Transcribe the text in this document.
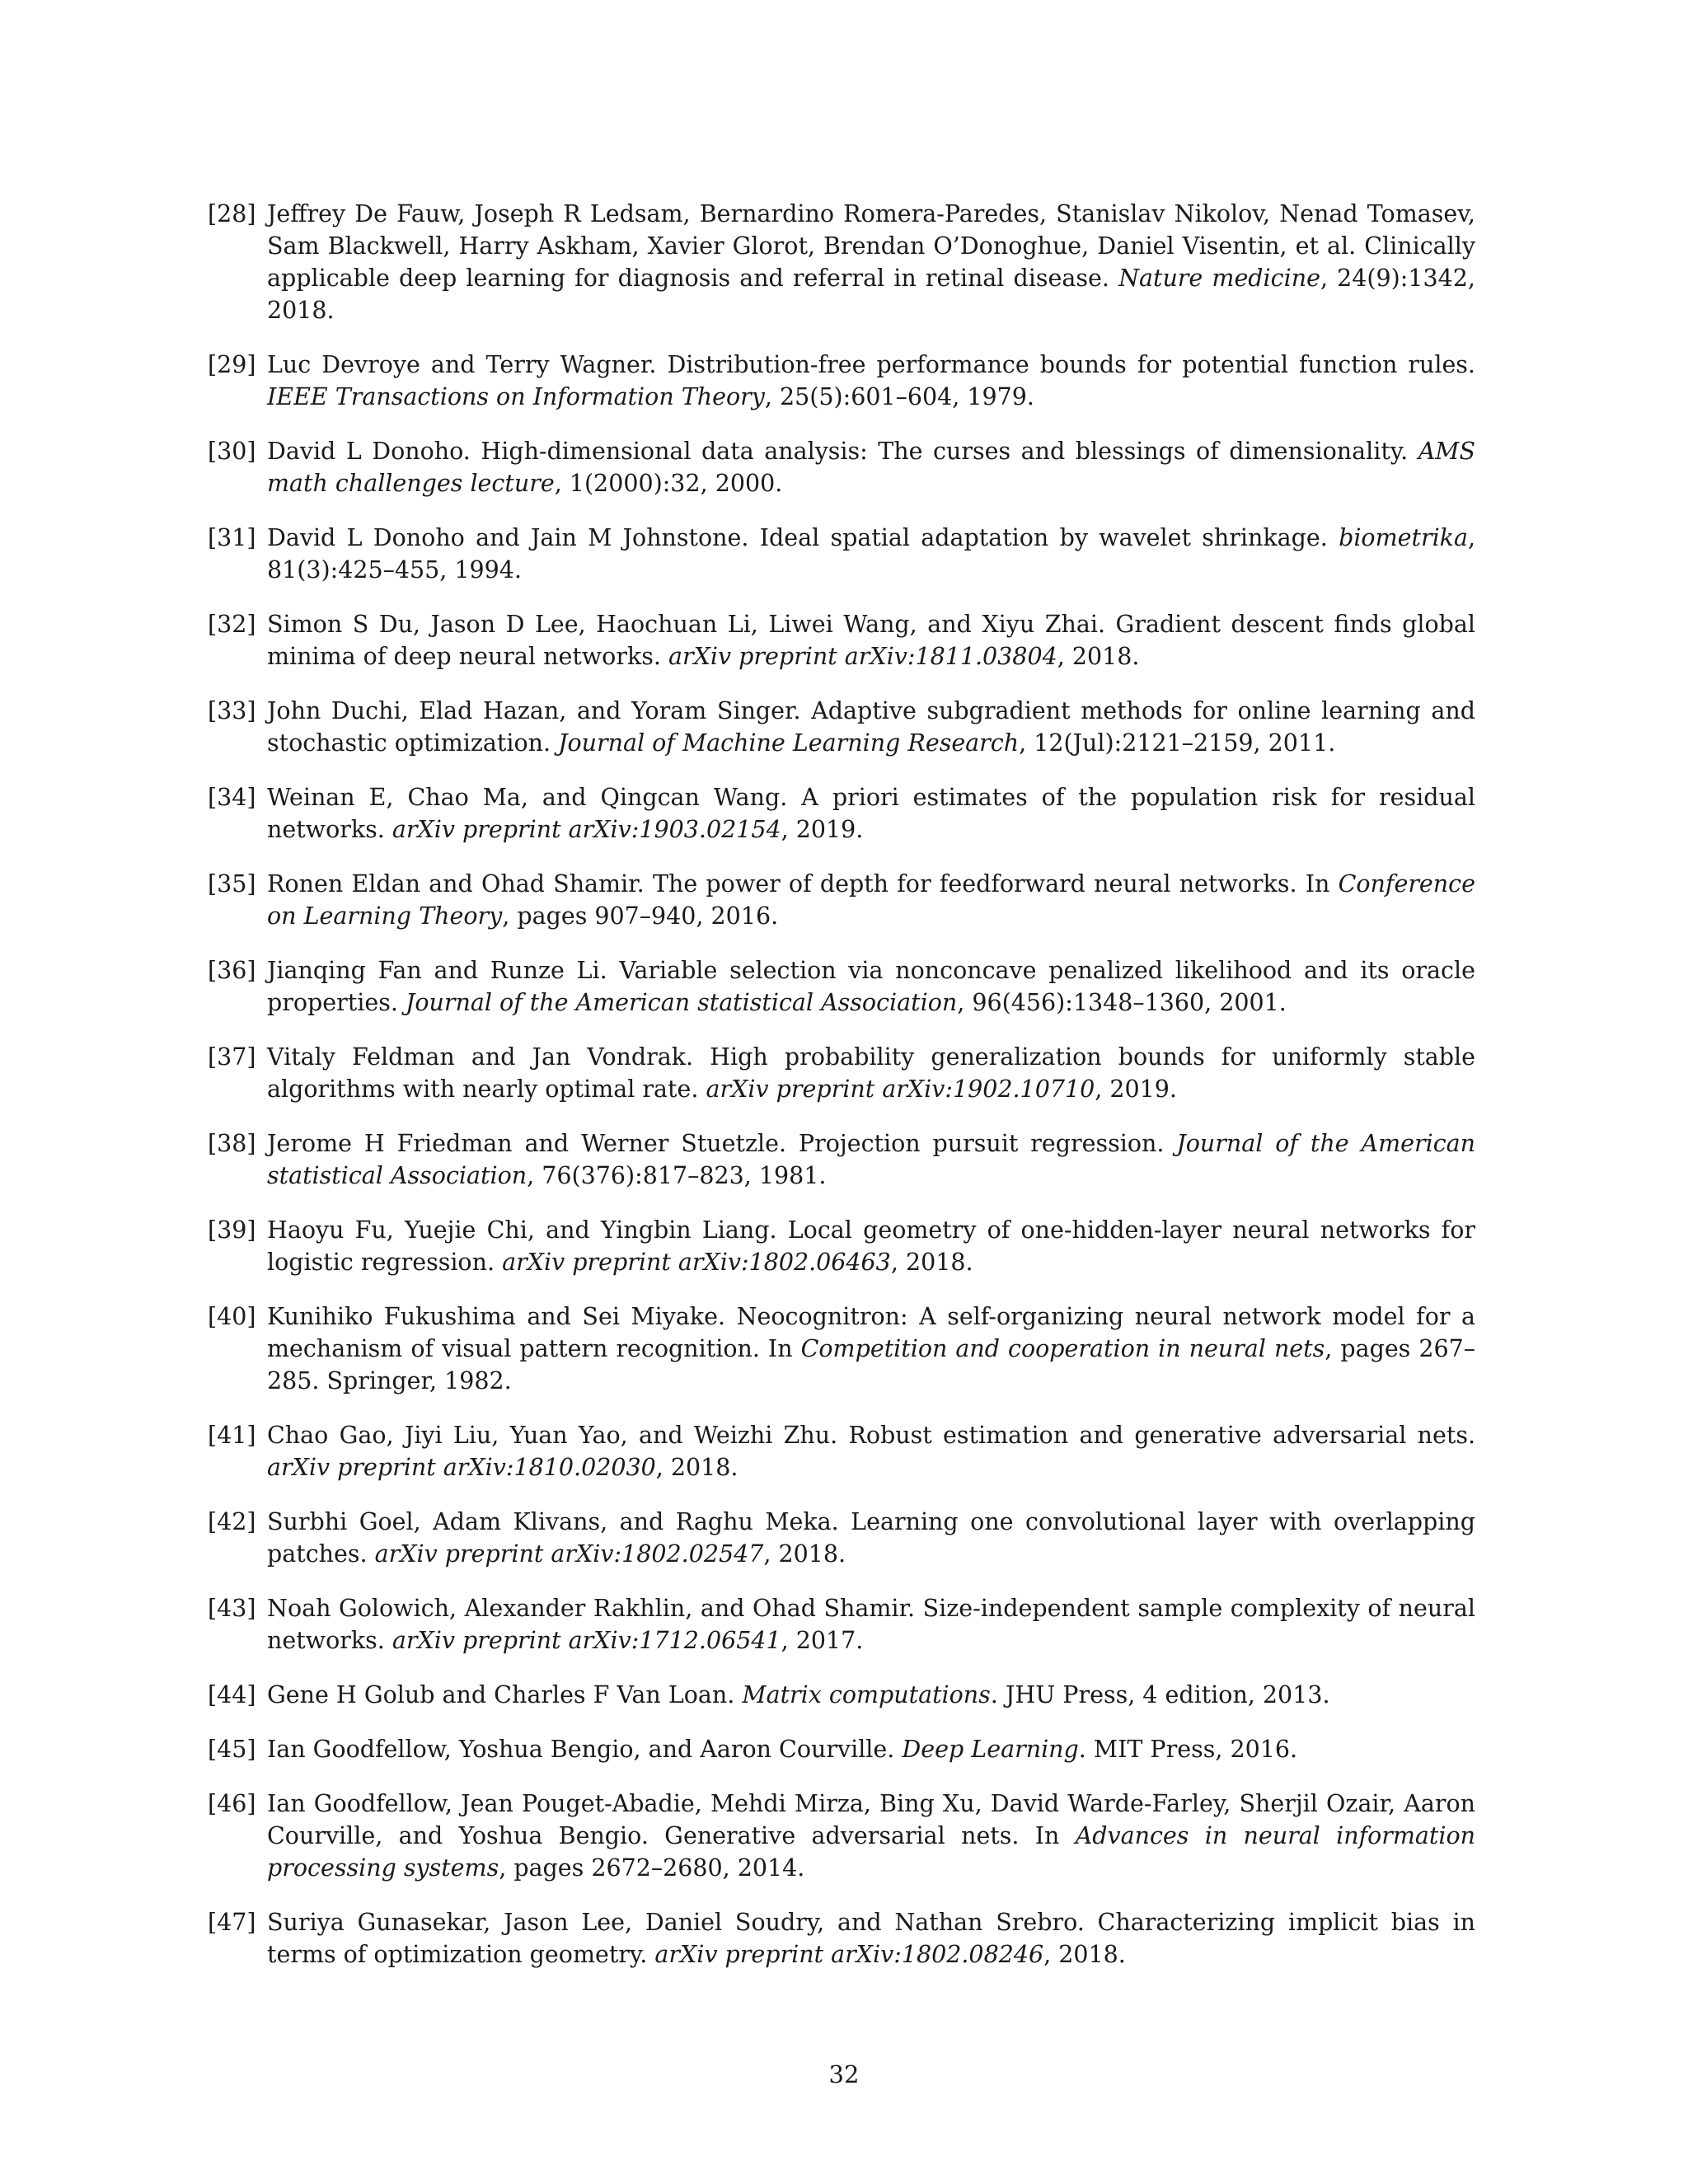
[28] Jeffrey De Fauw, Joseph R Ledsam, Bernardino Romera-Paredes, Stanislav Nikolov, Nenad Tomasev, Sam Blackwell, Harry Askham, Xavier Glorot, Brendan O’Donoghue, Daniel Visentin, et al. Clinically applicable deep learning for diagnosis and referral in retinal disease. Nature medicine, 24(9):1342, 2018.
[29] Luc Devroye and Terry Wagner. Distribution-free performance bounds for potential function rules. IEEE Transactions on Information Theory, 25(5):601–604, 1979.
[30] David L Donoho. High-dimensional data analysis: The curses and blessings of dimensionality. AMS math challenges lecture, 1(2000):32, 2000.
[31] David L Donoho and Jain M Johnstone. Ideal spatial adaptation by wavelet shrinkage. biometrika, 81(3):425–455, 1994.
[32] Simon S Du, Jason D Lee, Haochuan Li, Liwei Wang, and Xiyu Zhai. Gradient descent finds global minima of deep neural networks. arXiv preprint arXiv:1811.03804, 2018.
[33] John Duchi, Elad Hazan, and Yoram Singer. Adaptive subgradient methods for online learning and stochastic optimization. Journal of Machine Learning Research, 12(Jul):2121–2159, 2011.
[34] Weinan E, Chao Ma, and Qingcan Wang. A priori estimates of the population risk for residual networks. arXiv preprint arXiv:1903.02154, 2019.
[35] Ronen Eldan and Ohad Shamir. The power of depth for feedforward neural networks. In Conference on Learning Theory, pages 907–940, 2016.
[36] Jianqing Fan and Runze Li. Variable selection via nonconcave penalized likelihood and its oracle properties. Journal of the American statistical Association, 96(456):1348–1360, 2001.
[37] Vitaly Feldman and Jan Vondrak. High probability generalization bounds for uniformly stable algorithms with nearly optimal rate. arXiv preprint arXiv:1902.10710, 2019.
[38] Jerome H Friedman and Werner Stuetzle. Projection pursuit regression. Journal of the American statistical Association, 76(376):817–823, 1981.
[39] Haoyu Fu, Yuejie Chi, and Yingbin Liang. Local geometry of one-hidden-layer neural networks for logistic regression. arXiv preprint arXiv:1802.06463, 2018.
[40] Kunihiko Fukushima and Sei Miyake. Neocognitron: A self-organizing neural network model for a mechanism of visual pattern recognition. In Competition and cooperation in neural nets, pages 267–285. Springer, 1982.
[41] Chao Gao, Jiyi Liu, Yuan Yao, and Weizhi Zhu. Robust estimation and generative adversarial nets. arXiv preprint arXiv:1810.02030, 2018.
[42] Surbhi Goel, Adam Klivans, and Raghu Meka. Learning one convolutional layer with overlapping patches. arXiv preprint arXiv:1802.02547, 2018.
[43] Noah Golowich, Alexander Rakhlin, and Ohad Shamir. Size-independent sample complexity of neural networks. arXiv preprint arXiv:1712.06541, 2017.
[44] Gene H Golub and Charles F Van Loan. Matrix computations. JHU Press, 4 edition, 2013.
[45] Ian Goodfellow, Yoshua Bengio, and Aaron Courville. Deep Learning. MIT Press, 2016.
[46] Ian Goodfellow, Jean Pouget-Abadie, Mehdi Mirza, Bing Xu, David Warde-Farley, Sherjil Ozair, Aaron Courville, and Yoshua Bengio. Generative adversarial nets. In Advances in neural information processing systems, pages 2672–2680, 2014.
[47] Suriya Gunasekar, Jason Lee, Daniel Soudry, and Nathan Srebro. Characterizing implicit bias in terms of optimization geometry. arXiv preprint arXiv:1802.08246, 2018.
32
